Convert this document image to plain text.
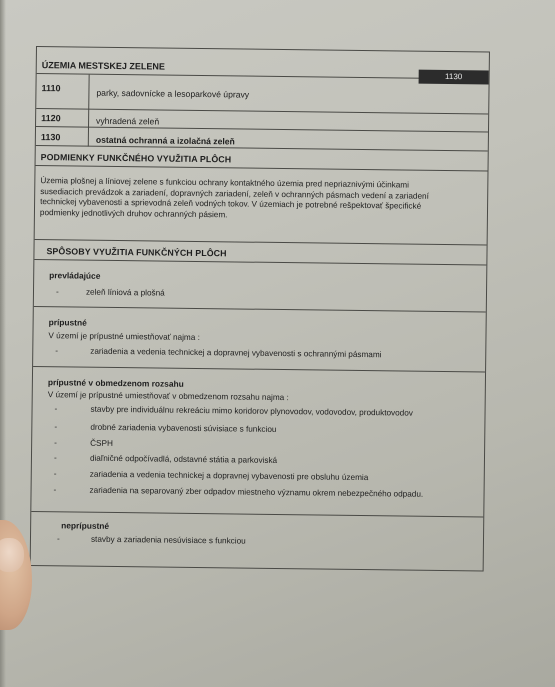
ÚZEMIA MESTSKEJ ZELENE
1130
1110	parky, sadovnícke a lesoparkové úpravy
1120	vyhradená zeleň
1130	ostatná ochranná a izolačná zeleň
PODMIENKY FUNKČNÉHO VYUŽITIA PLÔCH
Územia plošnej a líniovej zelene s funkciou ochrany kontaktného územia pred nepriaznivými účinkami
susediacich prevádzok a zariadení, dopravných zariadení, zeleň v ochranných pásmach vedení a zariadení
technickej vybavenosti a sprievodná zeleň vodných tokov. V územiach je potrebné rešpektovať špecifické
podmienky jednotlivých druhov ochranných pásiem.
SPÔSOBY VYUŽITIA FUNKČNÝCH PLÔCH
prevládajúce
-	zeleň líniová a plošná
prípustné
V území je prípustné umiestňovať najma :
-	zariadenia a vedenia technickej a dopravnej vybavenosti s ochrannými pásmami
prípustné v obmedzenom rozsahu
V území je prípustné umiestňovať v obmedzenom rozsahu najma :
-	stavby pre individuálnu rekreáciu mimo koridorov plynovodov, vodovodov, produktovodov
-	drobné zariadenia vybavenosti súvisiace s funkciou
-	ČSPH
-	diaľničné odpočívadlá, odstavné státia a parkoviská
-	zariadenia a vedenia technickej a dopravnej vybavenosti pre obsluhu územia
-	zariadenia na separovaný zber odpadov miestneho významu okrem nebezpečného odpadu.
neprípustné
-	stavby a zariadenia nesúvisiace s funkciou
